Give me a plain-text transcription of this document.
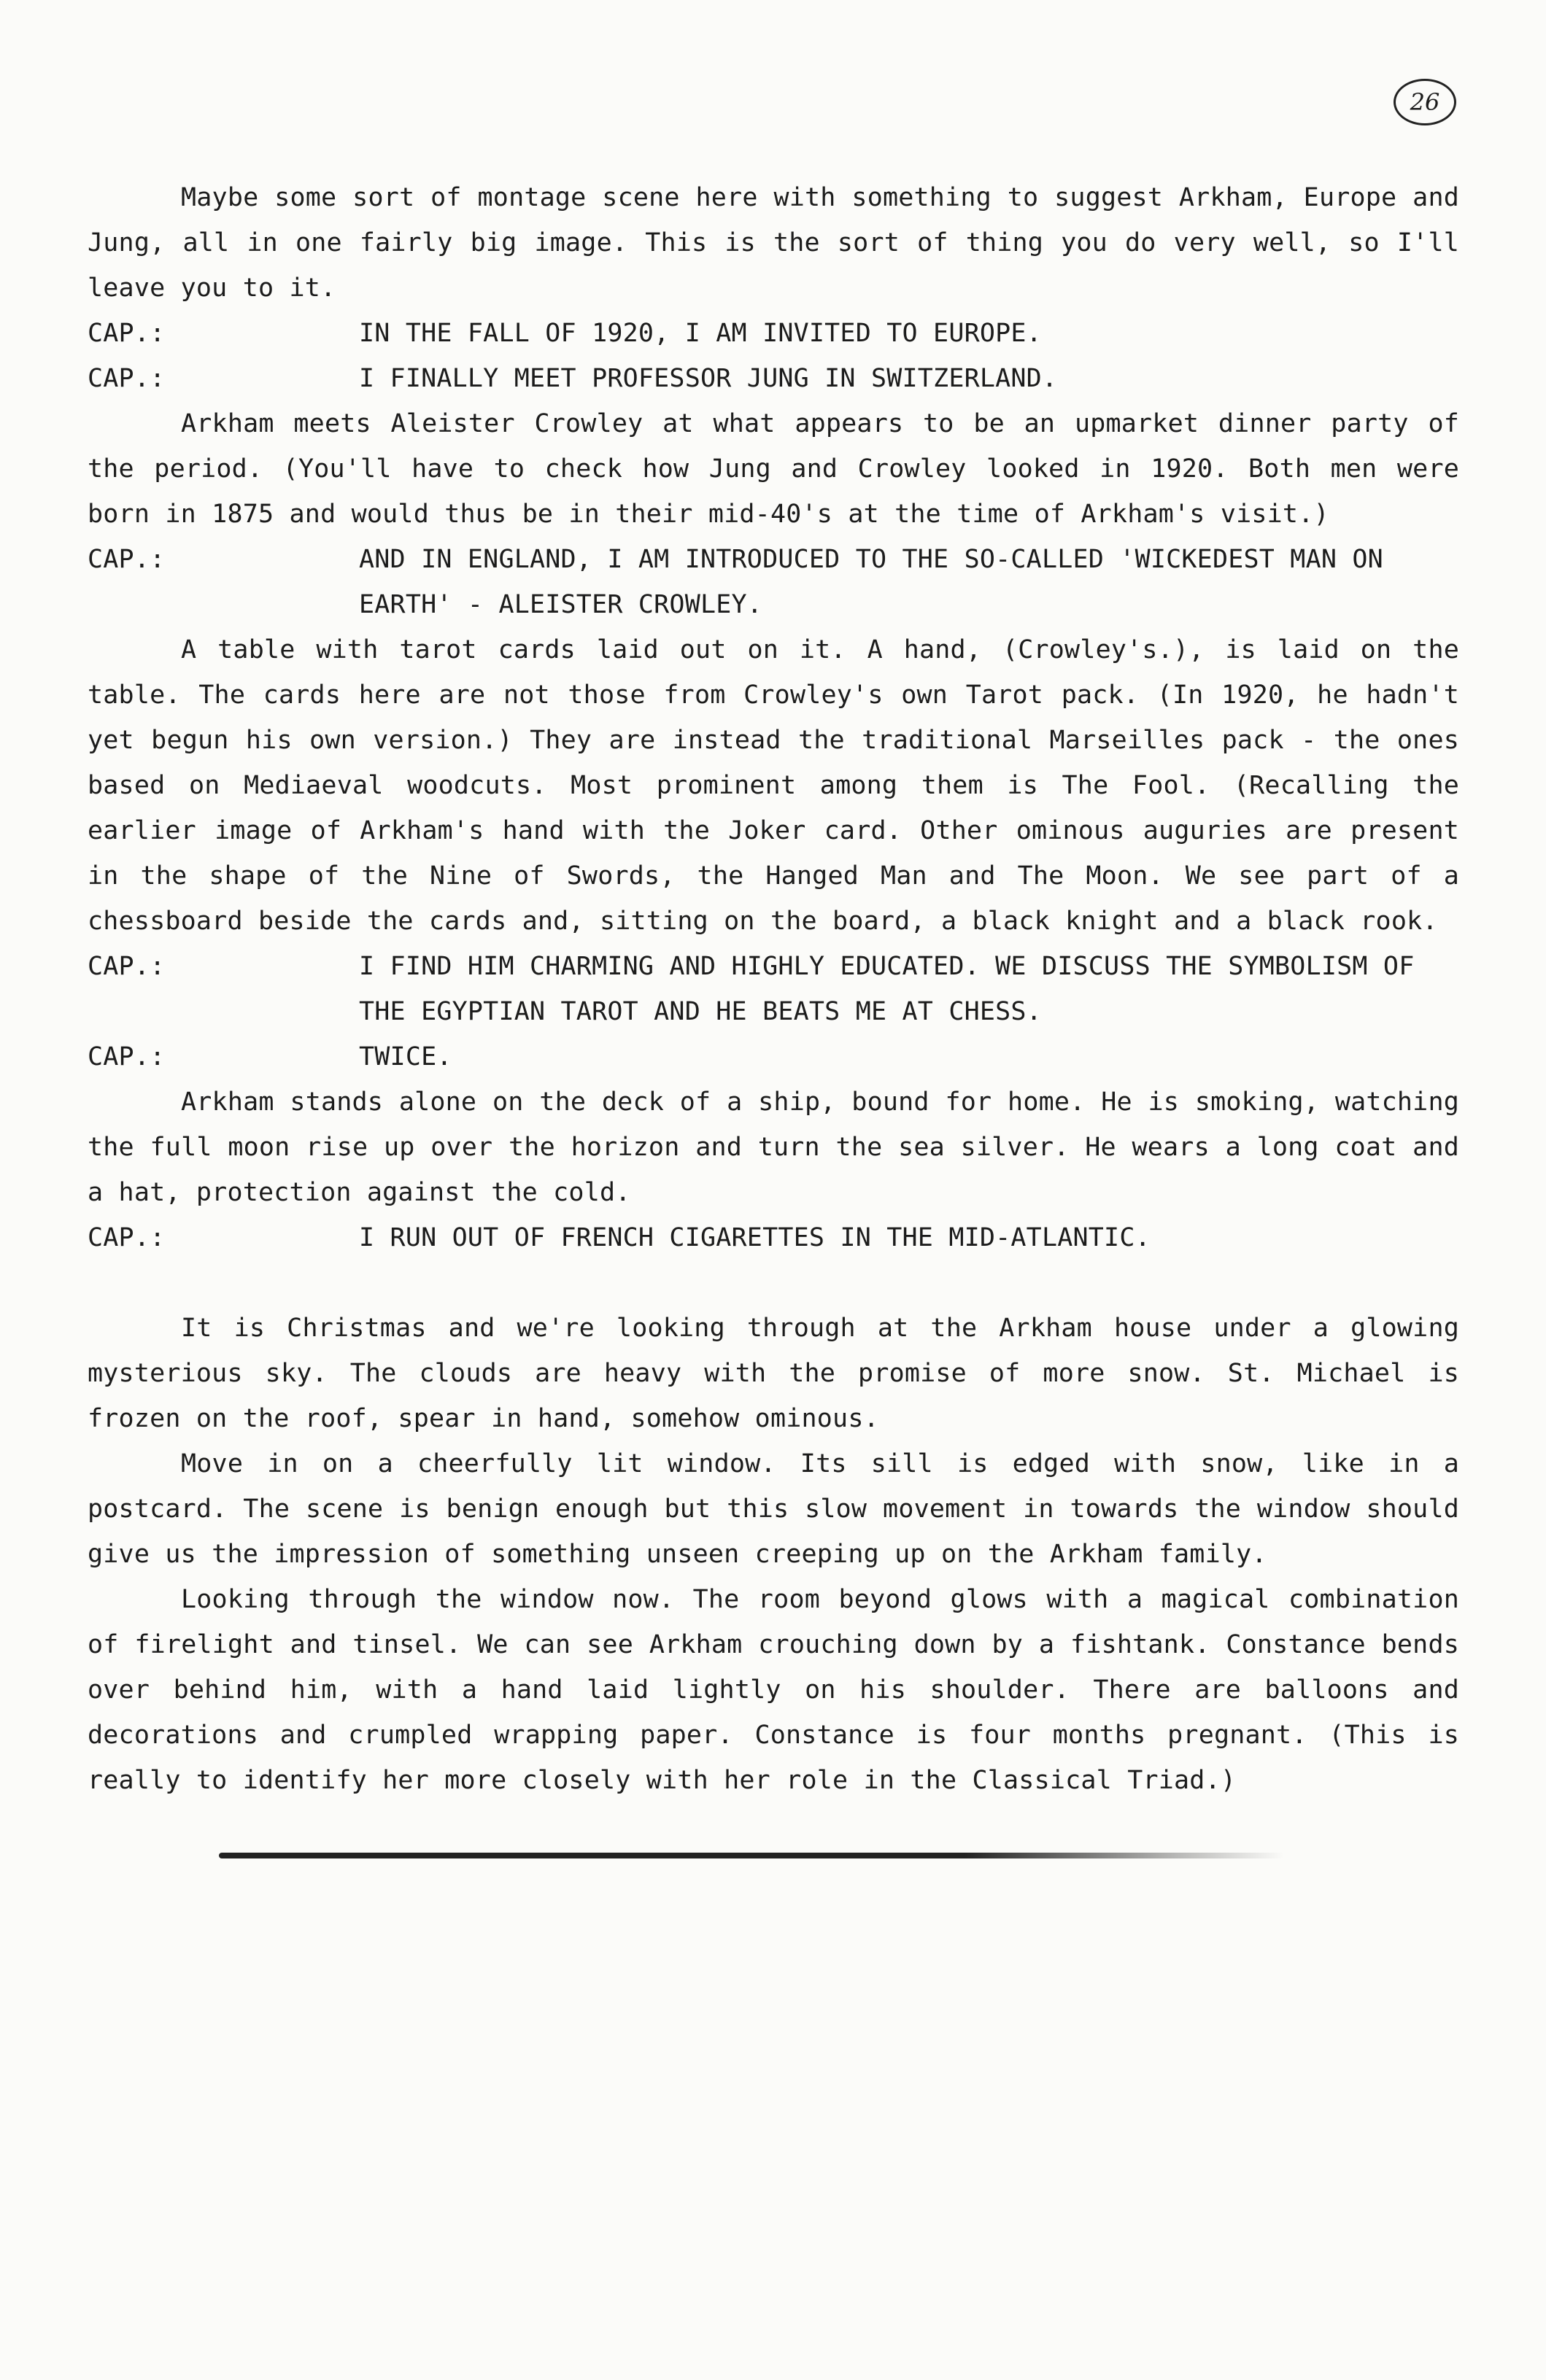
26

Maybe some sort of montage scene here with something to suggest Arkham, Europe and Jung, all in one fairly big image. This is the sort of thing you do very well, so I'll leave you to it.

CAP.:	IN THE FALL OF 1920, I AM INVITED TO EUROPE.
CAP.:	I FINALLY MEET PROFESSOR JUNG IN SWITZERLAND.

Arkham meets Aleister Crowley at what appears to be an upmarket dinner party of the period. (You'll have to check how Jung and Crowley looked in 1920. Both men were born in 1875 and would thus be in their mid-40's at the time of Arkham's visit.)

CAP.:	AND IN ENGLAND, I AM INTRODUCED TO THE SO-CALLED 'WICKEDEST MAN ON EARTH' - ALEISTER CROWLEY.

A table with tarot cards laid out on it. A hand, (Crowley's.), is laid on the table. The cards here are not those from Crowley's own Tarot pack. (In 1920, he hadn't yet begun his own version.) They are instead the traditional Marseilles pack - the ones based on Mediaeval woodcuts. Most prominent among them is The Fool. (Recalling the earlier image of Arkham's hand with the Joker card. Other ominous auguries are present in the shape of the Nine of Swords, the Hanged Man and The Moon. We see part of a chessboard beside the cards and, sitting on the board, a black knight and a black rook.

CAP.:	I FIND HIM CHARMING AND HIGHLY EDUCATED. WE DISCUSS THE SYMBOLISM OF THE EGYPTIAN TAROT AND HE BEATS ME AT CHESS.
CAP.:	TWICE.

Arkham stands alone on the deck of a ship, bound for home. He is smoking, watching the full moon rise up over the horizon and turn the sea silver. He wears a long coat and a hat, protection against the cold.

CAP.:	I RUN OUT OF FRENCH CIGARETTES IN THE MID-ATLANTIC.

It is Christmas and we're looking through at the Arkham house under a glowing mysterious sky. The clouds are heavy with the promise of more snow. St. Michael is frozen on the roof, spear in hand, somehow ominous.

Move in on a cheerfully lit window. Its sill is edged with snow, like in a postcard. The scene is benign enough but this slow movement in towards the window should give us the impression of something unseen creeping up on the Arkham family.

Looking through the window now. The room beyond glows with a magical combination of firelight and tinsel. We can see Arkham crouching down by a fishtank. Constance bends over behind him, with a hand laid lightly on his shoulder. There are balloons and decorations and crumpled wrapping paper. Constance is four months pregnant. (This is really to identify her more closely with her role in the Classical Triad.)
